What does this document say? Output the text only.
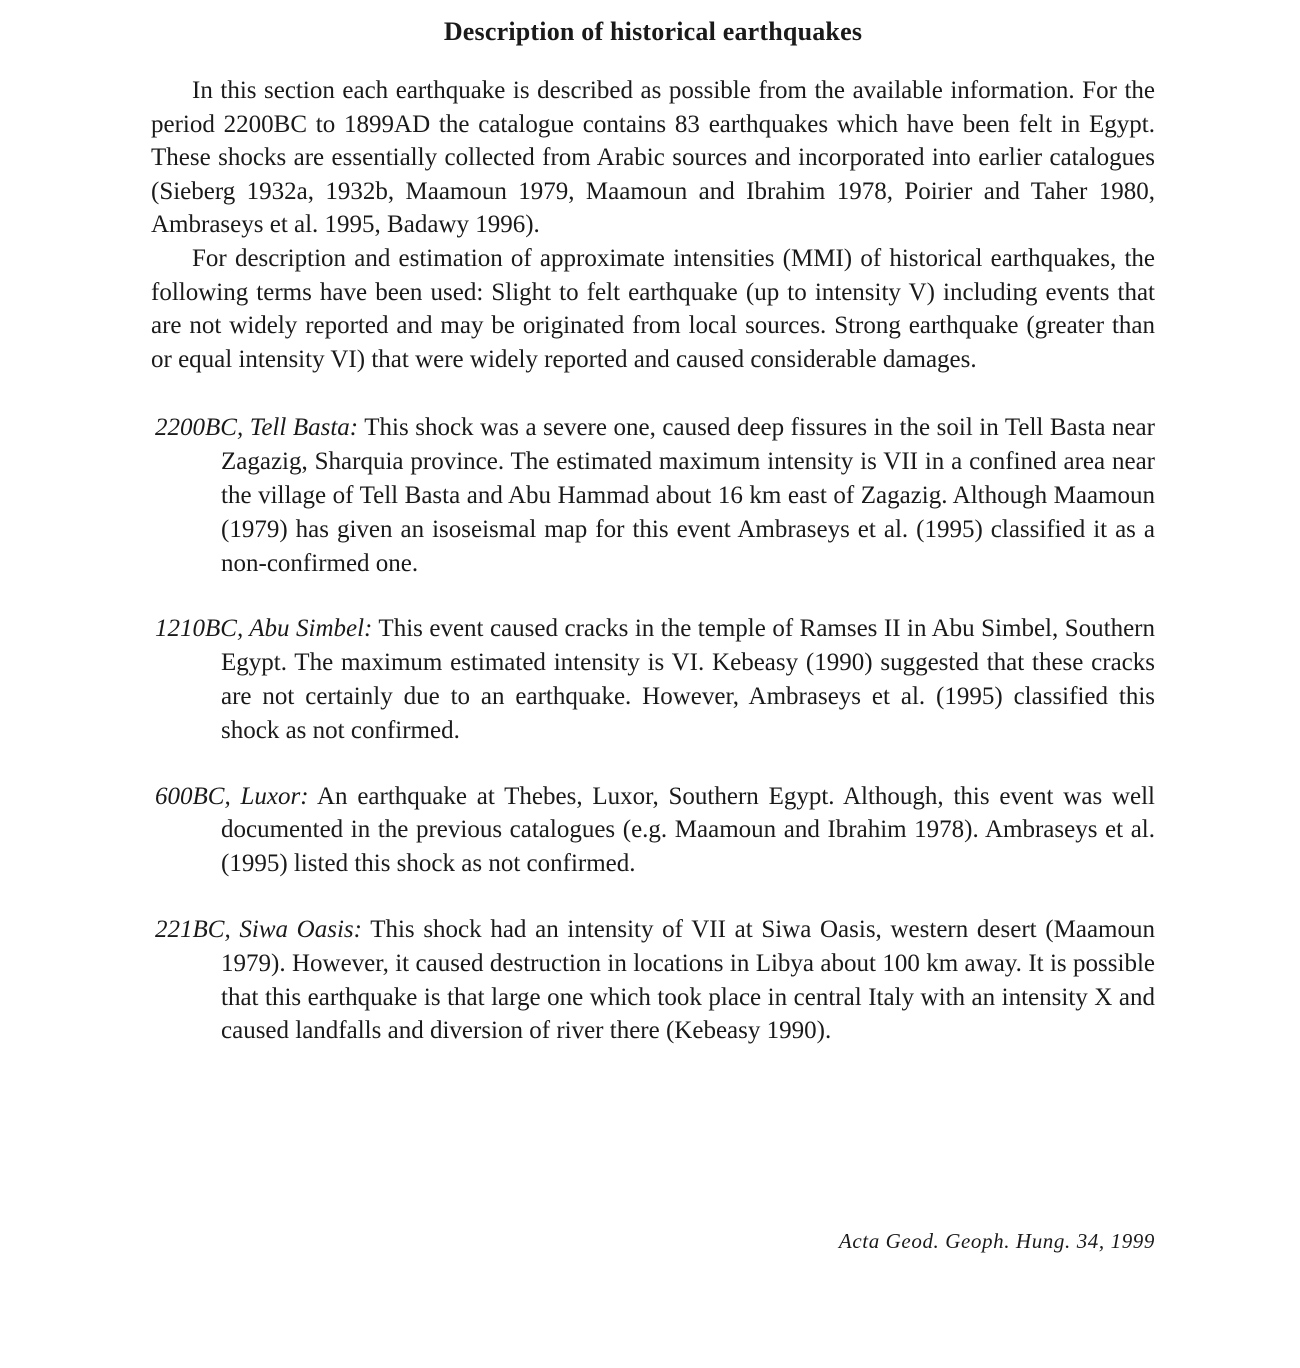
Description of historical earthquakes

In this section each earthquake is described as possible from the available information. For the period 2200BC to 1899AD the catalogue contains 83 earthquakes which have been felt in Egypt. These shocks are essentially collected from Arabic sources and incorporated into earlier catalogues (Sieberg 1932a, 1932b, Maamoun 1979, Maamoun and Ibrahim 1978, Poirier and Taher 1980, Ambraseys et al. 1995, Badawy 1996).

For description and estimation of approximate intensities (MMI) of historical earthquakes, the following terms have been used: Slight to felt earthquake (up to intensity V) including events that are not widely reported and may be originated from local sources. Strong earthquake (greater than or equal intensity VI) that were widely reported and caused considerable damages.

2200BC, Tell Basta: This shock was a severe one, caused deep fissures in the soil in Tell Basta near Zagazig, Sharquia province. The estimated maximum intensity is VII in a confined area near the village of Tell Basta and Abu Hammad about 16 km east of Zagazig. Although Maamoun (1979) has given an isoseismal map for this event Ambraseys et al. (1995) classified it as a non-confirmed one.

1210BC, Abu Simbel: This event caused cracks in the temple of Ramses II in Abu Simbel, Southern Egypt. The maximum estimated intensity is VI. Kebeasy (1990) suggested that these cracks are not certainly due to an earthquake. However, Ambraseys et al. (1995) classified this shock as not confirmed.

600BC, Luxor: An earthquake at Thebes, Luxor, Southern Egypt. Although, this event was well documented in the previous catalogues (e.g. Maamoun and Ibrahim 1978). Ambraseys et al. (1995) listed this shock as not confirmed.

221BC, Siwa Oasis: This shock had an intensity of VII at Siwa Oasis, western desert (Maamoun 1979). However, it caused destruction in locations in Libya about 100 km away. It is possible that this earthquake is that large one which took place in central Italy with an intensity X and caused landfalls and diversion of river there (Kebeasy 1990).

Acta Geod. Geoph. Hung. 34, 1999
